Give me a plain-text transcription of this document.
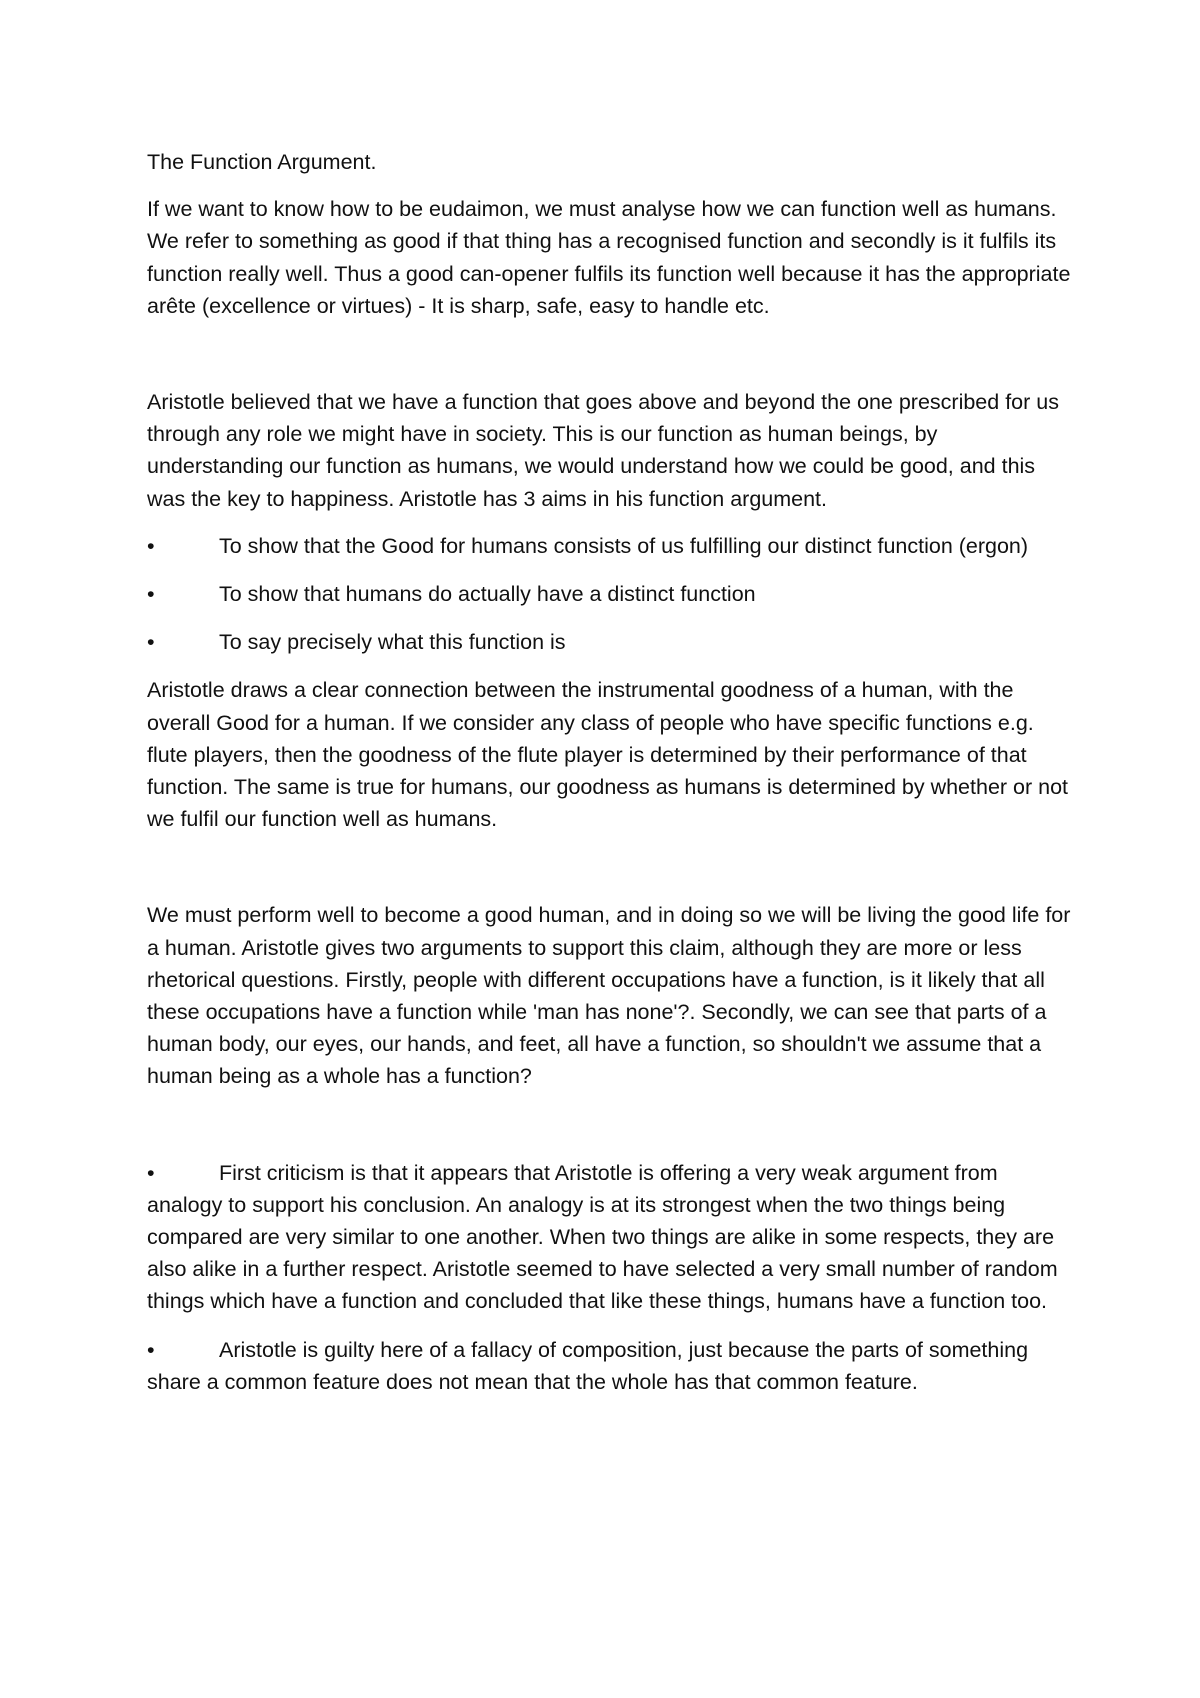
The Function Argument.

If we want to know how to be eudaimon, we must analyse how we can function well as humans. We refer to something as good if that thing has a recognised function and secondly is it fulfils its function really well. Thus a good can-opener fulfils its function well because it has the appropriate arête (excellence or virtues) - It is sharp, safe, easy to handle etc.

Aristotle believed that we have a function that goes above and beyond the one prescribed for us through any role we might have in society. This is our function as human beings, by understanding our function as humans, we would understand how we could be good, and this was the key to happiness. Aristotle has 3 aims in his function argument.

•	To show that the Good for humans consists of us fulfilling our distinct function (ergon)

•	To show that humans do actually have a distinct function

•	To say precisely what this function is

Aristotle draws a clear connection between the instrumental goodness of a human, with the overall Good for a human. If we consider any class of people who have specific functions e.g. flute players, then the goodness of the flute player is determined by their performance of that function. The same is true for humans, our goodness as humans is determined by whether or not we fulfil our function well as humans.

We must perform well to become a good human, and in doing so we will be living the good life for a human. Aristotle gives two arguments to support this claim, although they are more or less rhetorical questions. Firstly, people with different occupations have a function, is it likely that all these occupations have a function while 'man has none'?. Secondly, we can see that parts of a human body, our eyes, our hands, and feet, all have a function, so shouldn't we assume that a human being as a whole has a function?

•	First criticism is that it appears that Aristotle is offering a very weak argument from analogy to support his conclusion. An analogy is at its strongest when the two things being compared are very similar to one another. When two things are alike in some respects, they are also alike in a further respect. Aristotle seemed to have selected a very small number of random things which have a function and concluded that like these things, humans have a function too.

•	Aristotle is guilty here of a fallacy of composition, just because the parts of something share a common feature does not mean that the whole has that common feature.
